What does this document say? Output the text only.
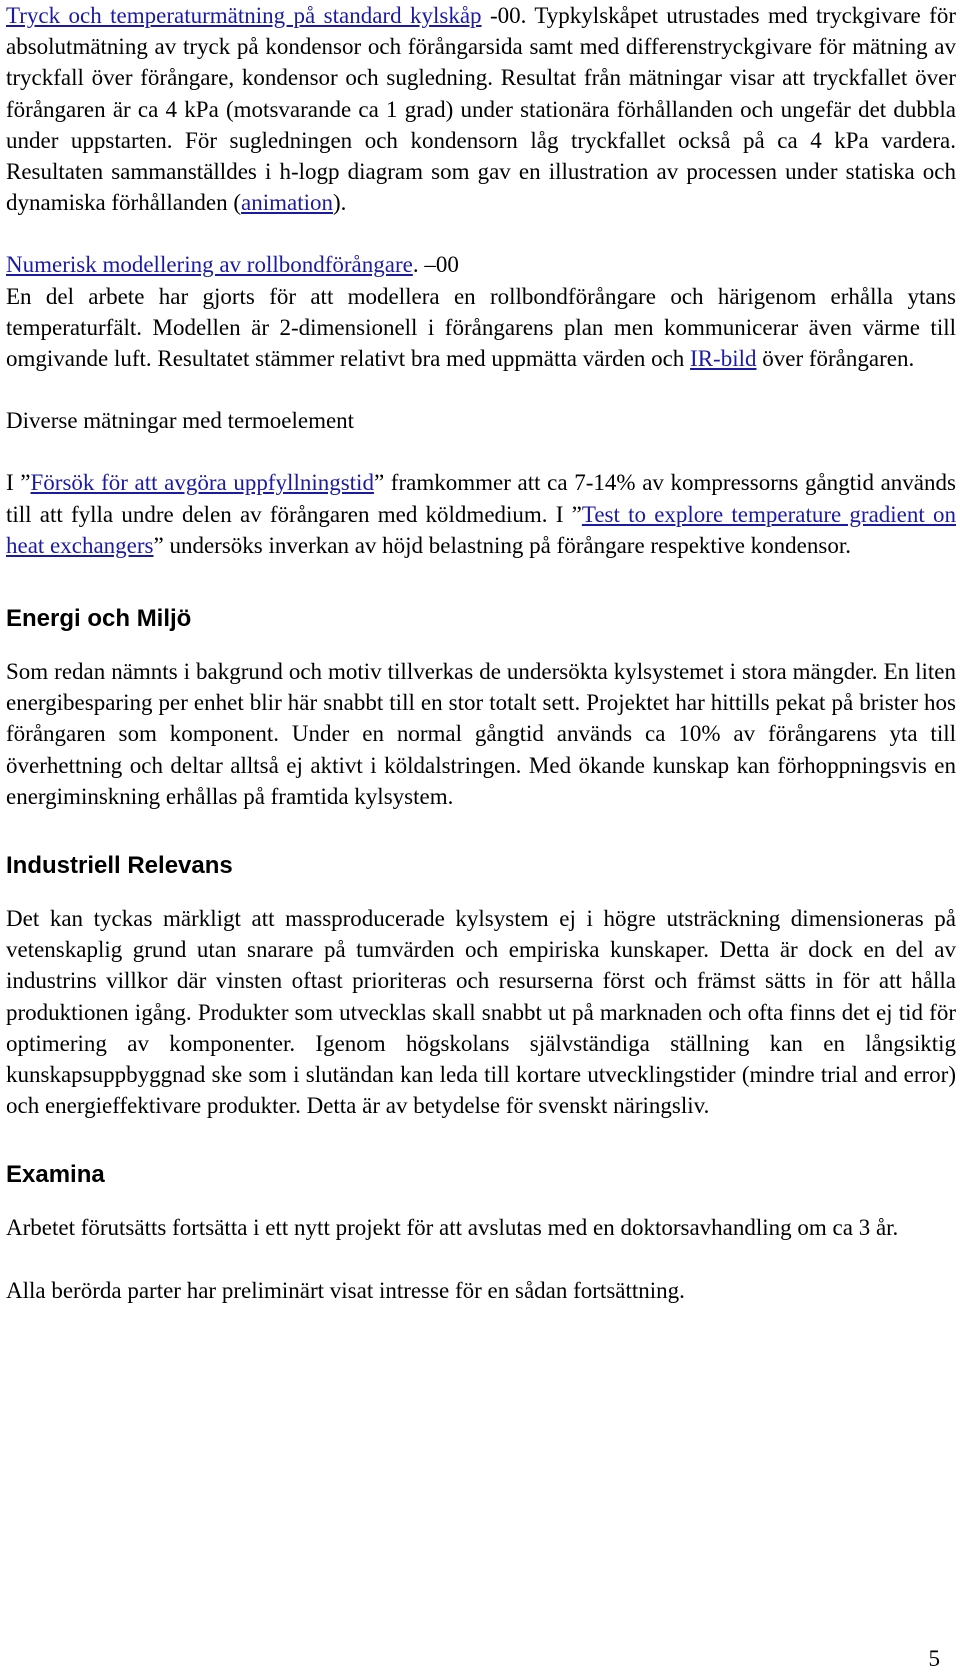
Tryck och temperaturmätning på standard kylskåp -00. Typkylskåpet utrustades med tryckgivare för absolutmätning av tryck på kondensor och förångarsida samt med differenstryckgivare för mätning av tryckfall över förångare, kondensor och sugledning. Resultat från mätningar visar att tryckfallet över förångaren är ca 4 kPa (motsvarande ca 1 grad) under stationära förhållanden och ungefär det dubbla under uppstarten. För sugledningen och kondensorn låg tryckfallet också på ca 4 kPa vardera. Resultaten sammanställdes i h-logp diagram som gav en illustration av processen under statiska och dynamiska förhållanden (animation).

Numerisk modellering av rollbondförångare. –00

En del arbete har gjorts för att modellera en rollbondförångare och härigenom erhålla ytans temperaturfält. Modellen är 2-dimensionell i förångarens plan men kommunicerar även värme till omgivande luft. Resultatet stämmer relativt bra med uppmätta värden och IR-bild över förångaren.

Diverse mätningar med termoelement

I ”Försök för att avgöra uppfyllningstid” framkommer att ca 7-14% av kompressorns gångtid används till att fylla undre delen av förångaren med köldmedium. I ”Test to explore temperature gradient on heat exchangers” undersöks inverkan av höjd belastning på förångare respektive kondensor.

Energi och Miljö

Som redan nämnts i bakgrund och motiv tillverkas de undersökta kylsystemet i stora mängder. En liten energibesparing per enhet blir här snabbt till en stor totalt sett. Projektet har hittills pekat på brister hos förångaren som komponent. Under en normal gångtid används ca 10% av förångarens yta till överhettning och deltar alltså ej aktivt i köldalstringen. Med ökande kunskap kan förhoppningsvis en energiminskning erhållas på framtida kylsystem.

Industriell Relevans

Det kan tyckas märkligt att massproducerade kylsystem ej i högre utsträckning dimensioneras på vetenskaplig grund utan snarare på tumvärden och empiriska kunskaper. Detta är dock en del av industrins villkor där vinsten oftast prioriteras och resurserna först och främst sätts in för att hålla produktionen igång. Produkter som utvecklas skall snabbt ut på marknaden och ofta finns det ej tid för optimering av komponenter. Igenom högskolans självständiga ställning kan en långsiktig kunskapsuppbyggnad ske som i slutändan kan leda till kortare utvecklingstider (mindre trial and error) och energieffektivare produkter. Detta är av betydelse för svenskt näringsliv.

Examina

Arbetet förutsätts fortsätta i ett nytt projekt för att avslutas med en doktorsavhandling om ca 3 år.

Alla berörda parter har preliminärt visat intresse för en sådan fortsättning.

5
